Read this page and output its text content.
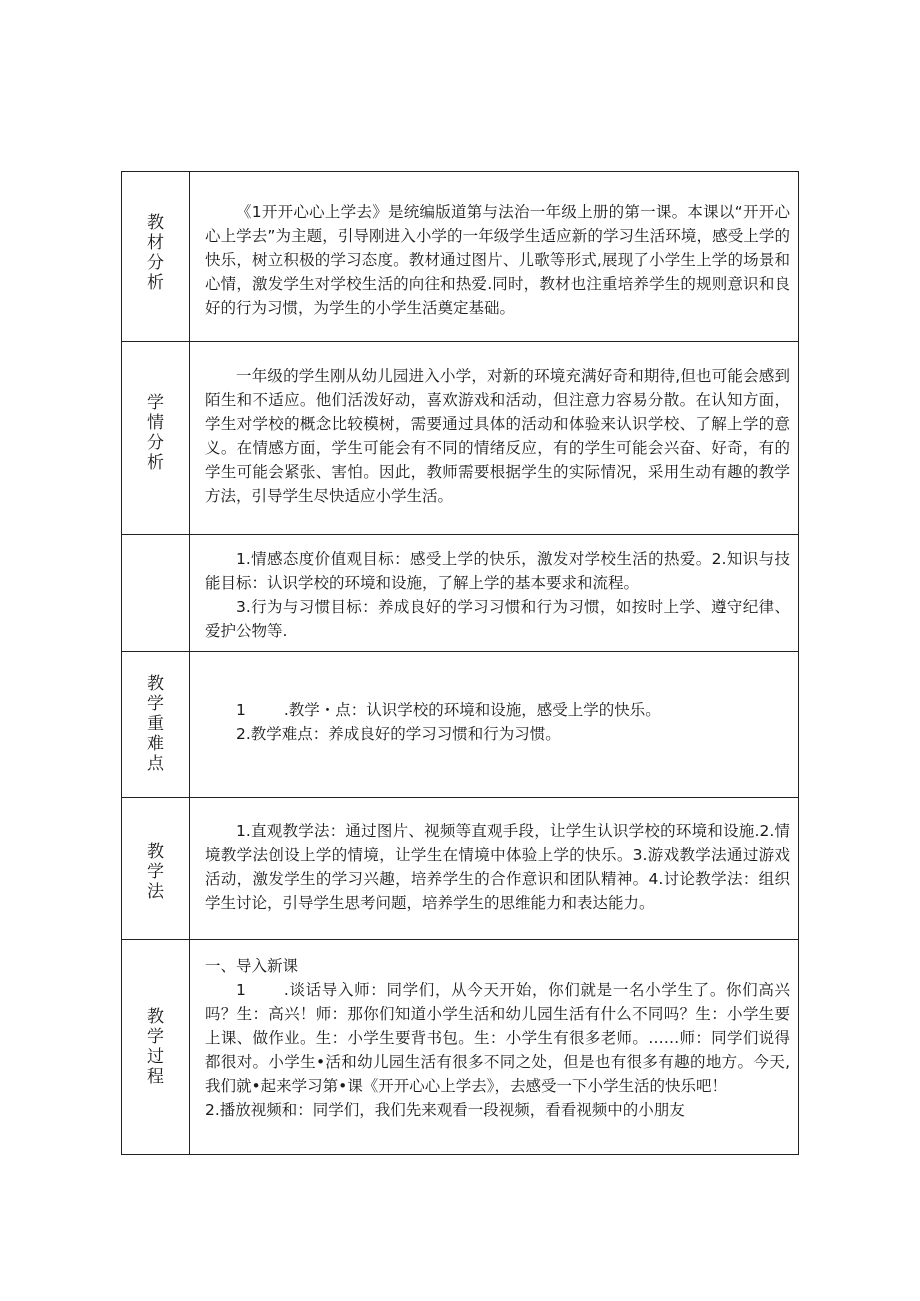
教材分析	《1开开心心上学去》是统编版道第与法治一年级上册的第一课。本课以“开开心心上学去”为主题，引导刚进入小学的一年级学生适应新的学习生活环境，感受上学的快乐，树立积极的学习态度。教材通过图片、儿歌等形式,展现了小学生上学的场景和心情，激发学生对学校生活的向往和热爱.同时，教材也注重培养学生的规则意识和良好的行为习惯，为学生的小学生活奠定基础。

学情分析	一年级的学生刚从幼儿园进入小学，对新的环境充满好奇和期待,但也可能会感到陌生和不适应。他们活泼好动，喜欢游戏和活动，但注意力容易分散。在认知方面，学生对学校的概念比较模树，需要通过具体的活动和体验来认识学校、了解上学的意义。在情感方面，学生可能会有不同的情绪反应，有的学生可能会兴奋、好奇，有的学生可能会紧张、害怕。因此，教师需要根据学生的实际情况，采用生动有趣的教学方法，引导学生尽快适应小学生活。

	1.情感态度价值观目标：感受上学的快乐，激发对学校生活的热爱。2.知识与技能目标：认识学校的环境和设施，了解上学的基本要求和流程。

3.行为与习惯目标：养成良好的学习习惯和行为习惯，如按时上学、遵守纪律、爱护公物等.

教学重难点	1 .教学・点：认识学校的环境和设施，感受上学的快乐。

2.教学难点：养成良好的学习习惯和行为习惯。

教学法	1.直观教学法：通过图片、视频等直观手段，让学生认识学校的环境和设施.2.情境教学法创设上学的情境，让学生在情境中体验上学的快乐。3.游戏教学法通过游戏活动，激发学生的学习兴趣，培养学生的合作意识和团队精神。4.讨论教学法：组织学生讨论，引导学生思考问题，培养学生的思维能力和表达能力。

教学过程	一、导入新课

1 .谈话导入师：同学们，从今天开始，你们就是一名小学生了。你们高兴吗？生：高兴！师：那你们知道小学生活和幼儿园生活有什么不同吗？生：小学生要上课、做作业。生：小学生要背书包。生：小学生有很多老师。……师：同学们说得都很对。小学生•活和幼儿园生活有很多不同之处，但是也有很多有趣的地方。今天,我们就•起来学习第•课《开开心心上学去》，去感受一下小学生活的快乐吧！

2.播放视频和：同学们，我们先来观看一段视频，看看视频中的小朋友
